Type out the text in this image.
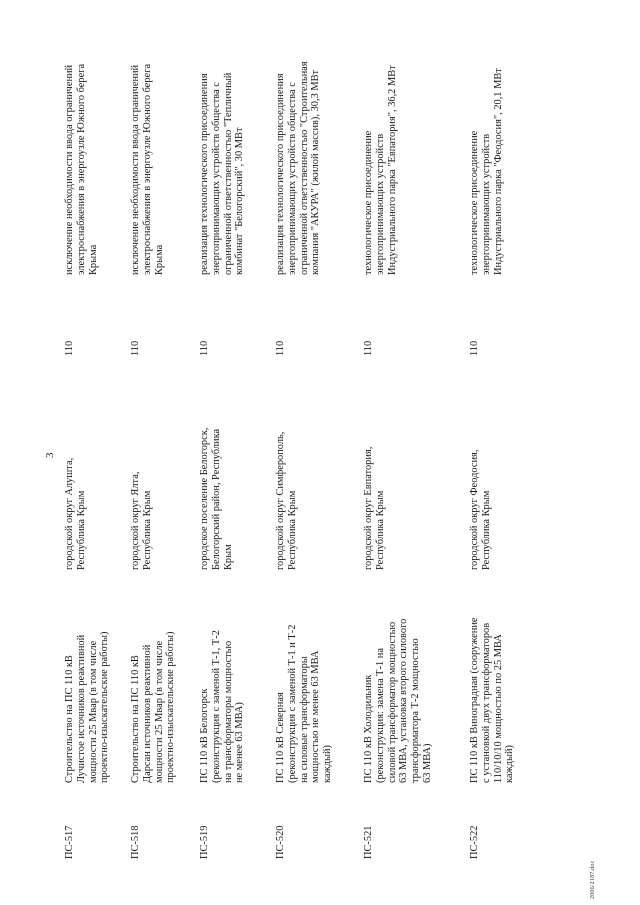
3
ПС-517
Строительство на ПС 110 кВ
Лучистое источников реактивной
мощности 25 Мвар (в том числе
проектно-изыскательские работы)
городской округ Алушта,
Республика Крым
110
исключение необходимости ввода ограничений
электроснабжения в энергоузле Южного берега
Крыма
ПС-518
Строительство на ПС 110 кВ
Дарсан источников реактивной
мощности 25 Мвар (в том числе
проектно-изыскательские работы)
городской округ Ялта,
Республика Крым
110
исключение необходимости ввода ограничений
электроснабжения в энергоузле Южного берега
Крыма
ПС-519
ПС 110 кВ Белогорск
(реконструкция с заменой Т-1, Т-2
на трансформаторы мощностью
не менее 63 МВА)
городское поселение Белогорск,
Белогорский район, Республика
Крым
110
реализация технологического присоединения
энергопринимающих устройств общества с
ограниченной ответственностью "Тепличный
комбинат "Белогорский", 30 МВт
ПС-520
ПС 110 кВ Северная
(реконструкция с заменой Т-1 и Т-2
на силовые трансформаторы
мощностью не менее 63 МВА
каждый)
городской округ Симферополь,
Республика Крым
110
реализация технологического присоединения
энергопринимающих устройств общества с
ограниченной ответственностью "Строительная
компания "АКУРА" (жилой массив), 30,3 МВт
ПС-521
ПС 110 кВ Холодильник
(реконструкция: замена Т-1 на
силовой трансформатор мощностью
63 МВА, установка второго силового
трансформатора Т-2 мощностью
63 МВА)
городской округ Евпатория,
Республика Крым
110
технологическое присоединение
энергопринимающих устройств
Индустриального парка "Евпатория", 36,2 МВт
ПС-522
ПС 110 кВ Виноградная (сооружение
с установкой двух трансформаторов
110/10/10 мощностью по 25 МВА
каждый)
городской округ Феодосия,
Республика Крым
110
технологическое присоединение
энергопринимающих устройств
Индустриального парка "Феодосия", 20,1 МВт
2006/2187.doc
